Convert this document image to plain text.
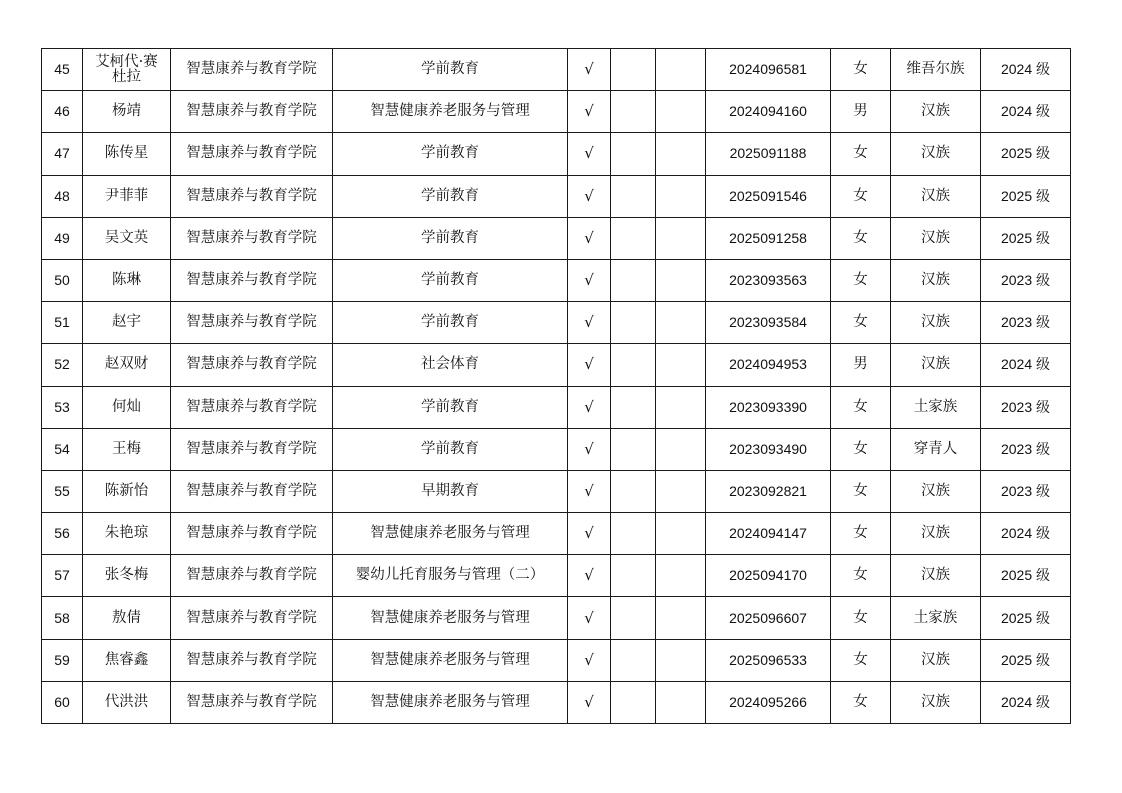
45	艾柯代·赛杜拉	智慧康养与教育学院	学前教育	√			2024096581	女	维吾尔族	2024 级
46	杨靖	智慧康养与教育学院	智慧健康养老服务与管理	√			2024094160	男	汉族	2024 级
47	陈传星	智慧康养与教育学院	学前教育	√			2025091188	女	汉族	2025 级
48	尹菲菲	智慧康养与教育学院	学前教育	√			2025091546	女	汉族	2025 级
49	吴文英	智慧康养与教育学院	学前教育	√			2025091258	女	汉族	2025 级
50	陈琳	智慧康养与教育学院	学前教育	√			2023093563	女	汉族	2023 级
51	赵宇	智慧康养与教育学院	学前教育	√			2023093584	女	汉族	2023 级
52	赵双财	智慧康养与教育学院	社会体育	√			2024094953	男	汉族	2024 级
53	何灿	智慧康养与教育学院	学前教育	√			2023093390	女	土家族	2023 级
54	王梅	智慧康养与教育学院	学前教育	√			2023093490	女	穿青人	2023 级
55	陈新怡	智慧康养与教育学院	早期教育	√			2023092821	女	汉族	2023 级
56	朱艳琼	智慧康养与教育学院	智慧健康养老服务与管理	√			2024094147	女	汉族	2024 级
57	张冬梅	智慧康养与教育学院	婴幼儿托育服务与管理（二）	√			2025094170	女	汉族	2025 级
58	敖倩	智慧康养与教育学院	智慧健康养老服务与管理	√			2025096607	女	土家族	2025 级
59	焦睿鑫	智慧康养与教育学院	智慧健康养老服务与管理	√			2025096533	女	汉族	2025 级
60	代洪洪	智慧康养与教育学院	智慧健康养老服务与管理	√			2024095266	女	汉族	2024 级
